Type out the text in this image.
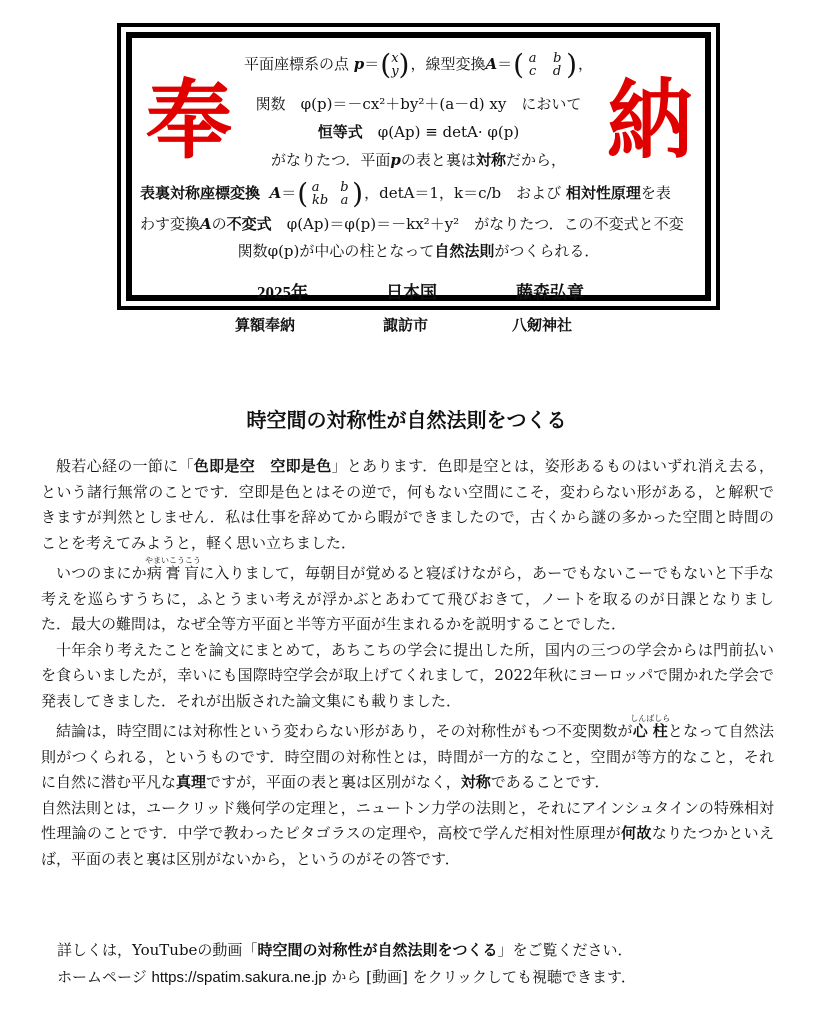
奉	納
平面座標系の点 p＝(x
y)，線型変換A＝( a b
c d )，
関数　φ(p)＝－cx²＋by²＋(a－d) xy　において
恒等式　φ(Ap) ≡ detA· φ(p)
がなりたつ．平面pの表と裏は対称だから，
表裏対称座標変換 A＝( a b
kb a )，detA＝1，k＝c/b　および 相対性原理を表
わす変換Aの不変式　φ(Ap)＝φ(p)＝－kx²＋y²　がなりたつ．この不変式と不変
関数φ(p)が中心の柱となって自然法則がつくられる．
2025年	日本国	藤森弘章
算額奉納	諏訪市	八剱神社
時空間の対称性が自然法則をつくる

般若心経の一節に「色即是空　空即是色」とあります．色即是空とは，姿形あるものはいずれ消え去る，という諸行無常のことです．空即是色とはその逆で，何もない空間にこそ，変わらない形がある，と解釈できますが判然としません．私は仕事を辞めてから暇ができましたので，古くから謎の多かった空間と時間のことを考えてみようと，軽く思い立ちました．

いつのまにか病膏肓やまいこうこうに入りまして，毎朝目が覚めると寝ぼけながら，あーでもないこーでもないと下手な考えを巡らすうちに，ふとうまい考えが浮かぶとあわてて飛びおきて，ノートを取るのが日課となりました．最大の難問は，なぜ全等方平面と半等方平面が生まれるかを説明することでした．

十年余り考えたことを論文にまとめて，あちこちの学会に提出した所，国内の三つの学会からは門前払いを食らいましたが，幸いにも国際時空学会が取上げてくれまして，2022年秋にヨーロッパで開かれた学会で発表してきました．それが出版された論文集にも載りました．

結論は，時空間には対称性という変わらない形があり，その対称性がもつ不変関数が心柱しんばしらとなって自然法則がつくられる，というものです．時空間の対称性とは，時間が一方的なこと，空間が等方的なこと，それに自然に潜む平凡な真理ですが，平面の表と裏は区別がなく，対称であることです．

自然法則とは，ユークリッド幾何学の定理と，ニュートン力学の法則と，それにアインシュタインの特殊相対性理論のことです．中学で教わったピタゴラスの定理や，高校で学んだ相対性原理が何故なりたつかといえば，平面の表と裏は区別がないから，というのがその答です．

詳しくは，YouTubeの動画「時空間の対称性が自然法則をつくる」をご覧ください．
ホームページ https://spatim.sakura.ne.jp から [動画] をクリックしても視聴できます．
